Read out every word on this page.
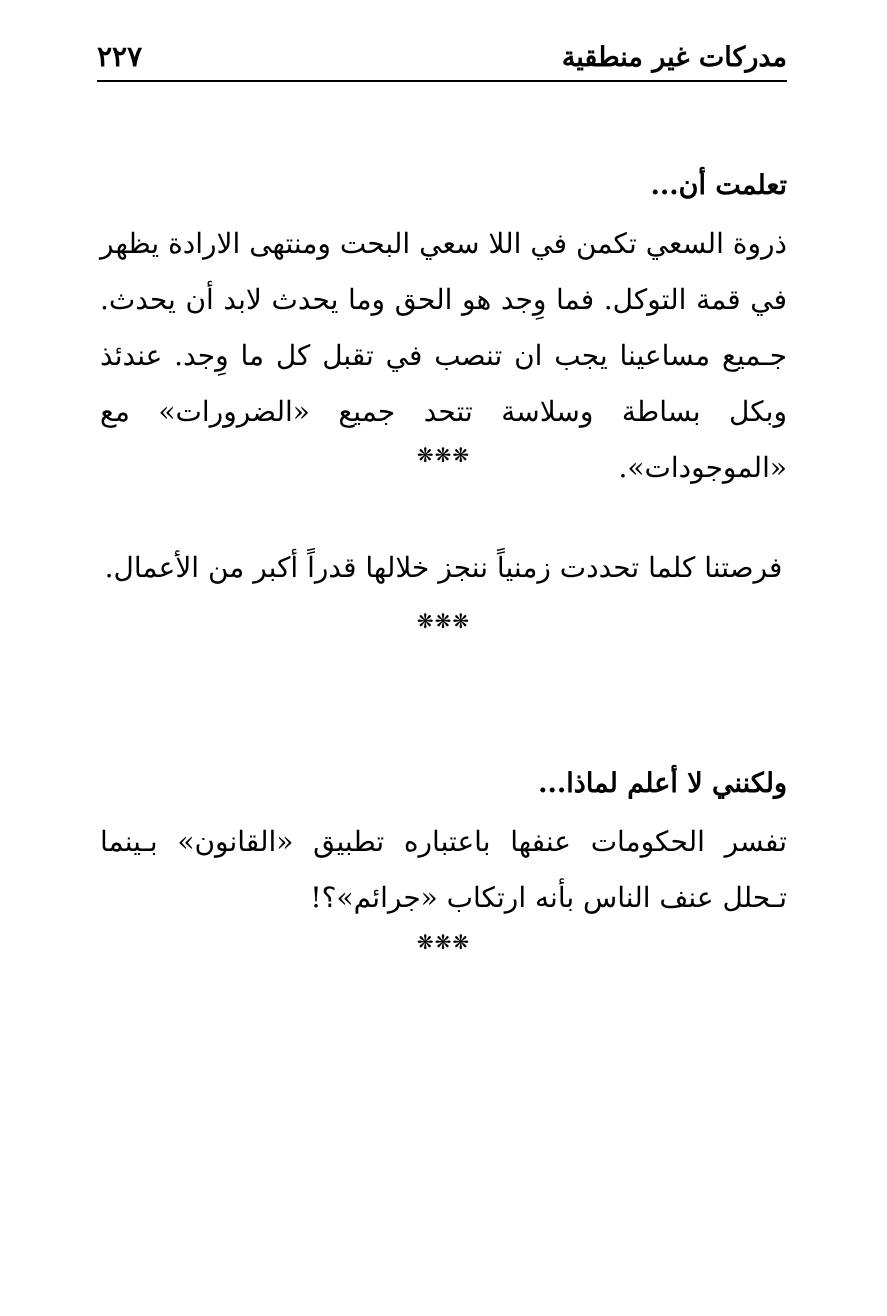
مدركات غير منطقية
٢٢٧
تعلمت أن...
ذروة السعي تكمن في اللا سعي البحت ومنتهى الارادة يظهر في قمة التوكل. فما وِجد هو الحق وما يحدث لابد أن يحدث. جـميع مساعينا يجب ان تنصب في تقبل كل ما وِجد. عندئذ وبكل بساطة وسلاسة تتحد جميع «الضرورات» مع «الموجودات».
❋❋❋
فرصتنا كلما تحددت زمنياً ننجز خلالها قدراً أكبر من الأعمال.
❋❋❋
ولكنني لا أعلم لماذا...
تفسر الحكومات عنفها باعتباره تطبيق «القانون» بـينما تـحلل عنف الناس بأنه ارتكاب «جرائم»؟!
❋❋❋
